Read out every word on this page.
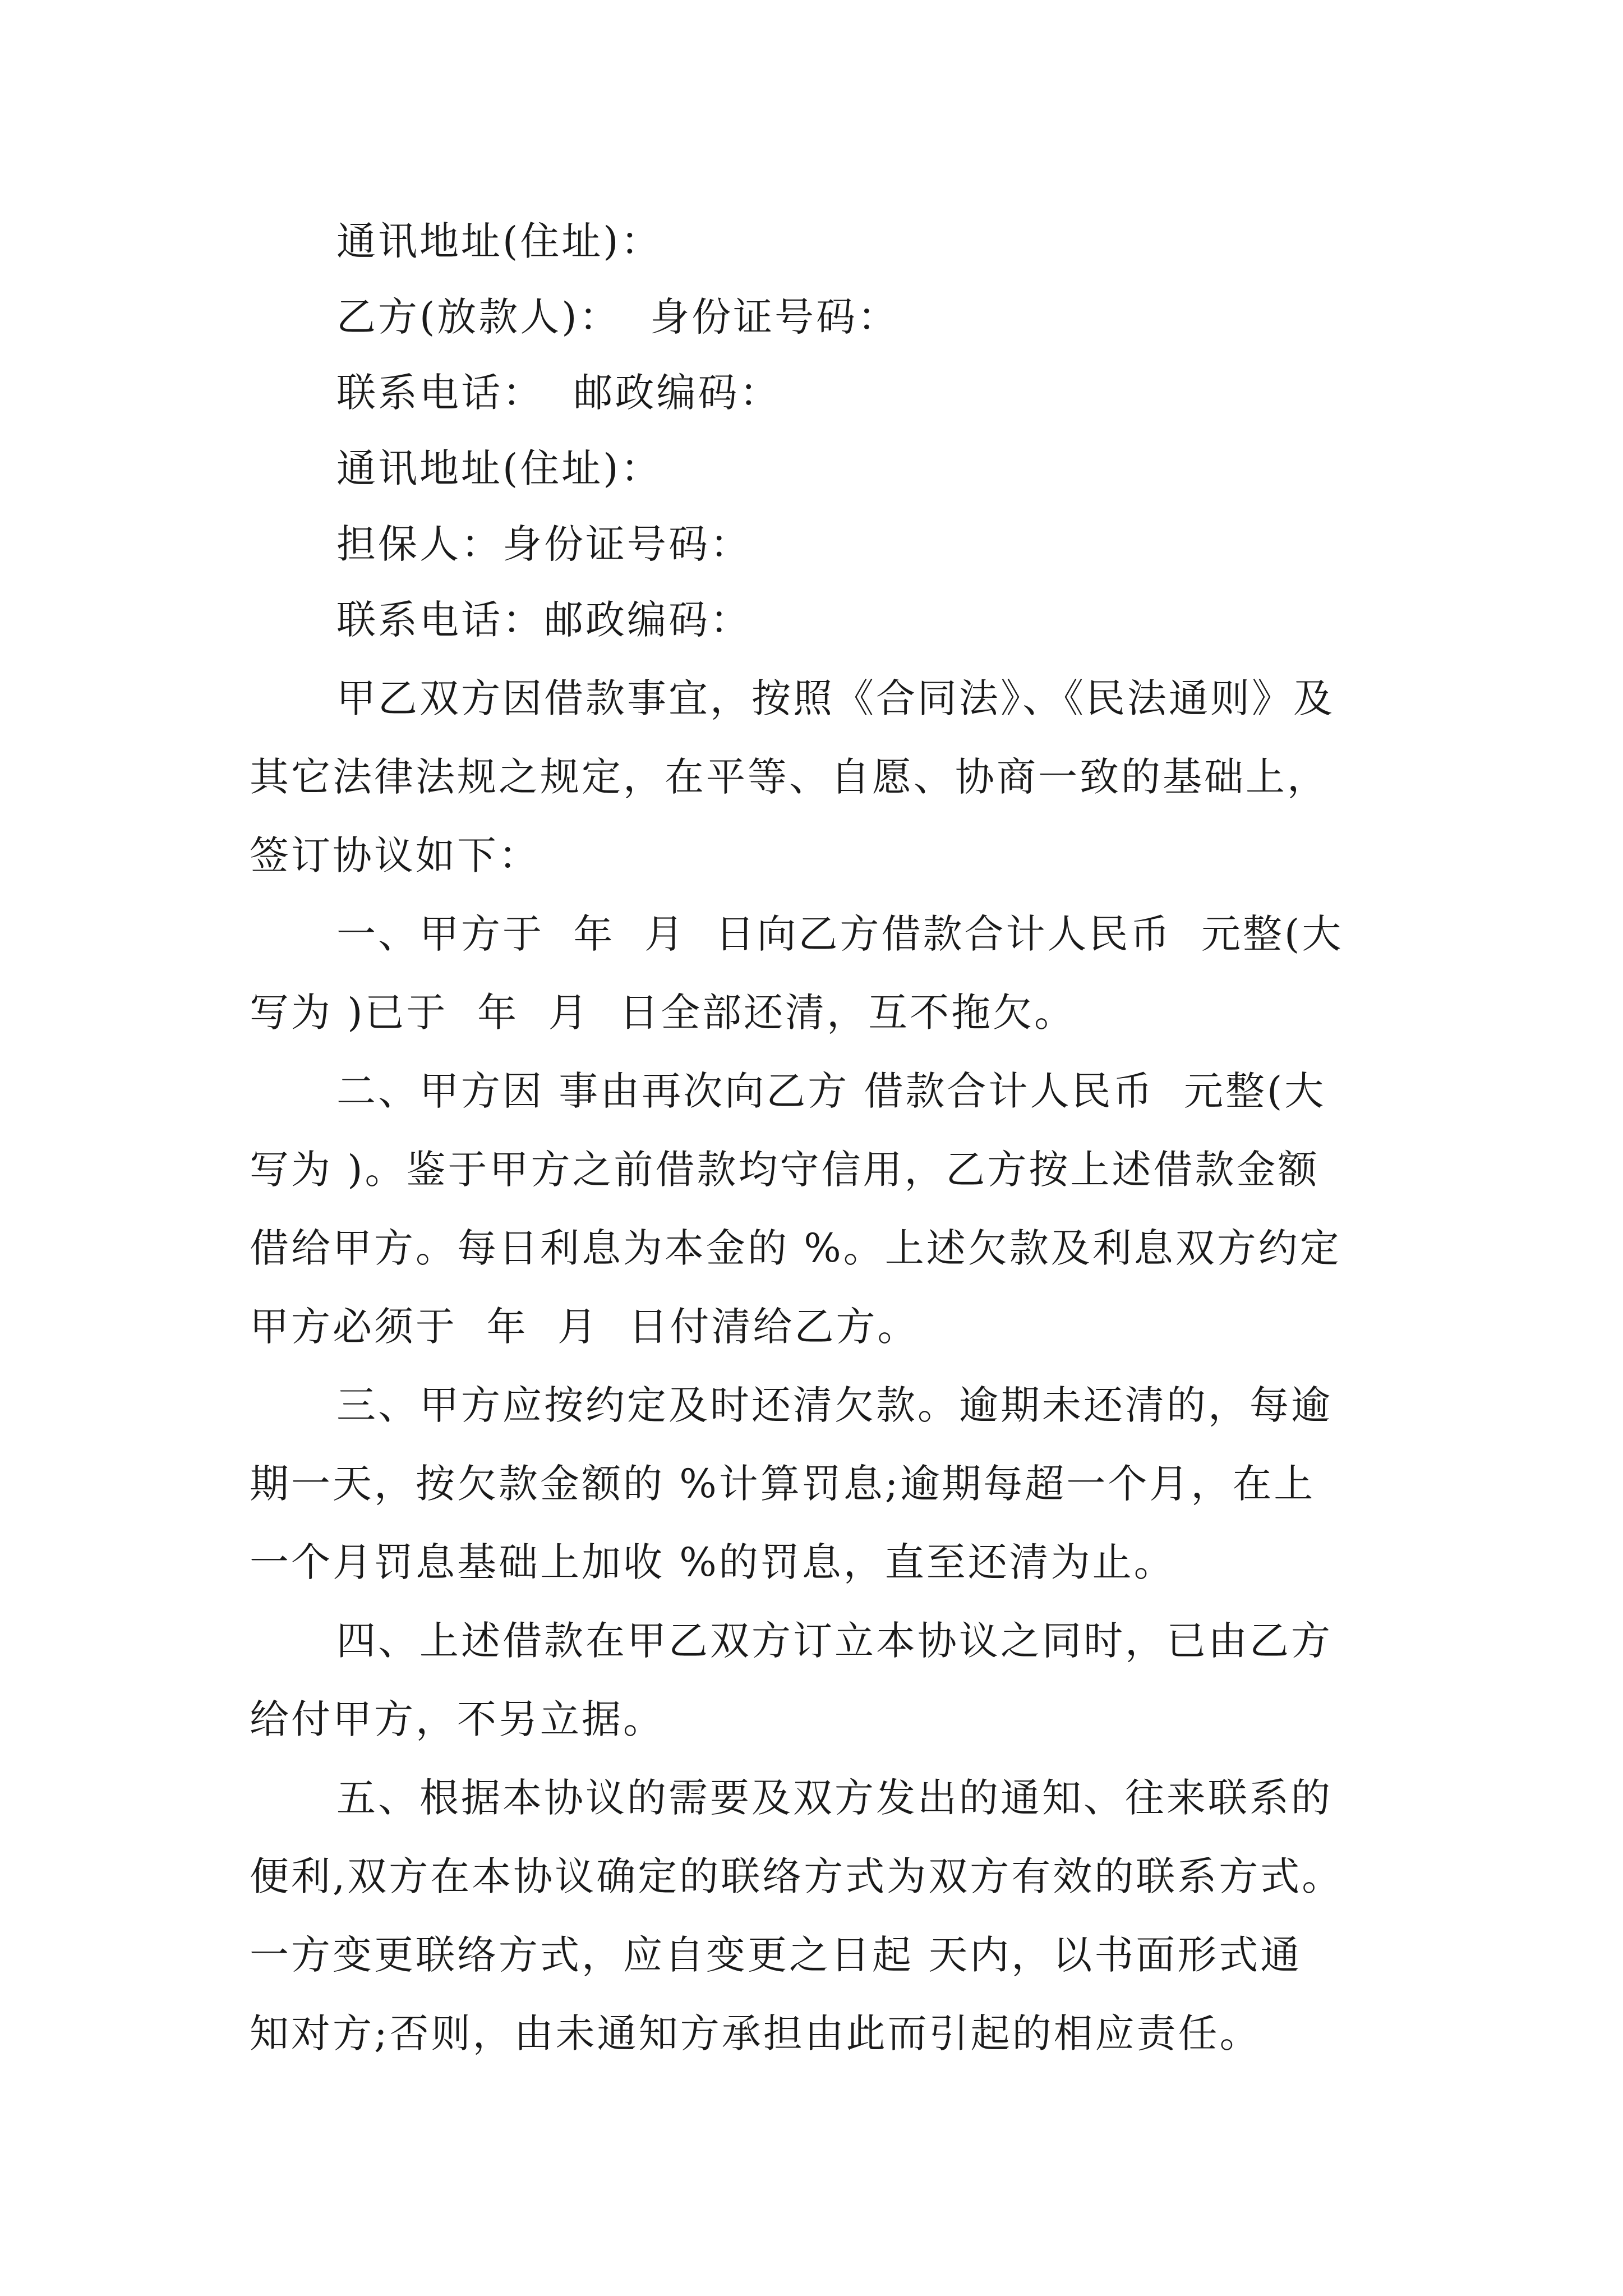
通讯地址(住址)：
乙方(放款人)：  身份证号码：
联系电话：  邮政编码：
通讯地址(住址)：
担保人：身份证号码：
联系电话：邮政编码：
甲乙双方因借款事宜，按照《合同法》、《民法通则》及
其它法律法规之规定，在平等、自愿、协商一致的基础上，
签订协议如下：
一、甲方于  年  月  日向乙方借款合计人民币  元整(大
写为 )已于  年  月  日全部还清，互不拖欠。
二、甲方因 事由再次向乙方 借款合计人民币  元整(大
写为 )。鉴于甲方之前借款均守信用，乙方按上述借款金额
借给甲方。每日利息为本金的 %。上述欠款及利息双方约定
甲方必须于  年  月  日付清给乙方。
三、甲方应按约定及时还清欠款。逾期未还清的，每逾
期一天，按欠款金额的 %计算罚息;逾期每超一个月，在上
一个月罚息基础上加收 %的罚息，直至还清为止。
四、上述借款在甲乙双方订立本协议之同时，已由乙方
给付甲方，不另立据。
五、根据本协议的需要及双方发出的通知、往来联系的
便利,双方在本协议确定的联络方式为双方有效的联系方式。
一方变更联络方式，应自变更之日起 天内，以书面形式通
知对方;否则，由未通知方承担由此而引起的相应责任。
